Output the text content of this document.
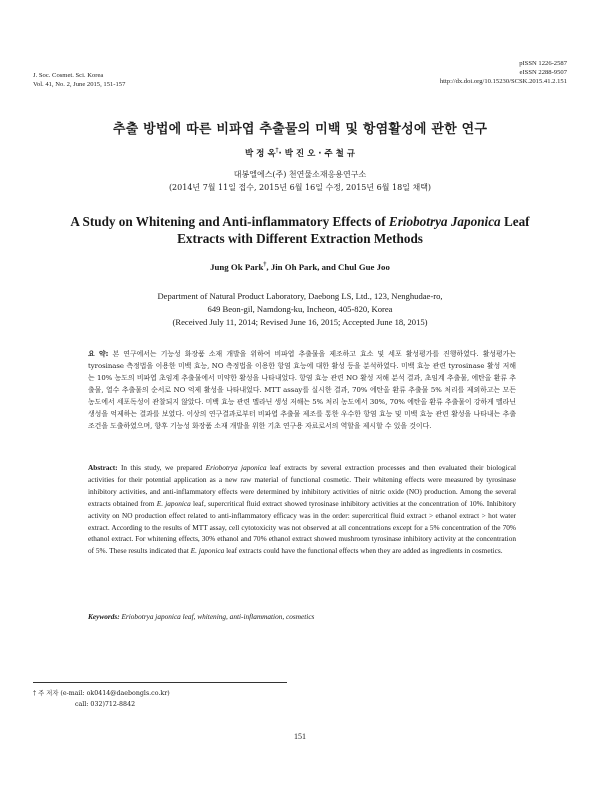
J. Soc. Cosmet. Sci. Korea
Vol. 41, No. 2, June 2015, 151-157
pISSN 1226-2587
eISSN 2288-9507
http://dx.doi.org/10.15230/SCSK.2015.41.2.151
추출 방법에 따른 비파엽 추출물의 미백 및 항염활성에 관한 연구
박 정 옥†· 박 진 오 · 주 철 규
대봉엘에스(주) 천연물소재응용연구소
(2014년 7월 11일 접수, 2015년 6월 16일 수정, 2015년 6월 18일 채택)
A Study on Whitening and Anti-inflammatory Effects of Eriobotrya Japonica Leaf Extracts with Different Extraction Methods
Jung Ok Park†, Jin Oh Park, and Chul Gue Joo
Department of Natural Product Laboratory, Daebong LS, Ltd., 123, Nenghudae-ro,
649 Beon-gil, Namdong-ku, Incheon, 405-820, Korea
(Received July 11, 2014; Revised June 16, 2015; Accepted June 18, 2015)
요 약: 본 연구에서는 기능성 화장품 소재 개발을 위하여 비파엽 추출물을 제조하고 효소 및 세포 활성평가를 진행하였다. 활성평가는 tyrosinase 측정법을 이용한 미백 효능, NO 측정법을 이용한 항염 효능에 대한 활성 등을 분석하였다. 미백 효능 관련 tyrosinase 활성 저해는 10% 농도의 비파엽 초임계 추출물에서 미약한 활성을 나타내었다. 항염 효능 관련 NO 활성 저해 분석 결과, 초임계 추출물, 에탄올 환류 추출물, 열수 추출물의 순서로 NO 억제 활성을 나타내었다. MTT assay를 실시한 결과, 70% 에탄올 환류 추출물 5% 처리를 제외하고는 모든 농도에서 세포독성이 관찰되지 않았다. 미백 효능 관련 멜라닌 생성 저해는 5% 처리 농도에서 30%, 70% 에탄올 환류 추출물이 강하게 멜라닌 생성을 억제하는 결과를 보였다. 이상의 연구결과로부터 비파엽 추출물 제조를 통한 우수한 항염 효능 및 미백 효능 관련 활성을 나타내는 추출조건을 도출하였으며, 향후 기능성 화장품 소재 개발을 위한 기초 연구용 자료로서의 역할을 제시할 수 있을 것이다.
Abstract: In this study, we prepared Eriobotrya japonica leaf extracts by several extraction processes and then evaluated their biological activities for their potential application as a new raw material of functional cosmetic. Their whitening effects were measured by tyrosinase inhibitory activities, and anti-inflammatory effects were determined by inhibitory activities of nitric oxide (NO) production. Among the several extracts obtained from E. japonica leaf, supercritical fluid extract showed tyrosinase inhibitory activities at the concentration of 10%. Inhibitory activity on NO production effect related to anti-inflammatory efficacy was in the order: supercritical fluid extract > ethanol extract > hot water extract. According to the results of MTT assay, cell cytotoxicity was not observed at all concentrations except for a 5% concentration of the 70% ethanol extract. For whitening effects, 30% ethanol and 70% ethanol extract showed mushroom tyrosinase inhibitory activity at the concentration of 5%. These results indicated that E. japonica leaf extracts could have the functional effects when they are added as ingredients in cosmetics.
Keywords: Eriobotrya japonica leaf, whitening, anti-inflammation, cosmetics
† 주 저자 (e-mail: ok0414@daebongls.co.kr)
call: 032)712-8842
151
